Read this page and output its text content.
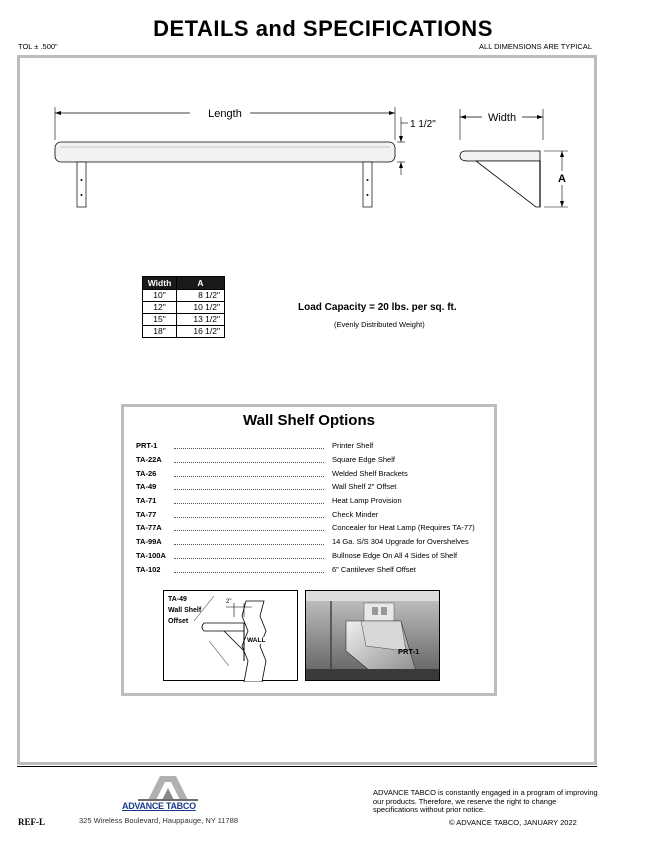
DETAILS and SPECIFICATIONS
TOL ± .500"	ALL DIMENSIONS ARE TYPICAL
Length
1 1/2"
Width
A
Width	A
10"	8 1/2"
12"	10 1/2"
15"	13 1/2"
18"	16 1/2"
Load Capacity = 20 lbs. per sq. ft.
(Evenly Distributed Weight)
Wall Shelf Options
PRT-1	Printer Shelf
TA-22A	Square Edge Shelf
TA-26	Welded Shelf Brackets
TA-49	Wall Shelf 2" Offset
TA-71	Heat Lamp Provision
TA-77	Check Minder
TA-77A	Concealer for Heat Lamp (Requires TA-77)
TA-99A	14 Ga. S/S 304 Upgrade for Overshelves
TA-100A	Bullnose Edge On All 4 Sides of Shelf
TA-102	6" Cantilever Shelf Offset
TA-49
Wall Shelf
Offset
2"
WALL
PRT-1
ADVANCE TABCO
325 Wireless Boulevard, Hauppauge, NY 11788
REF-L
ADVANCE TABCO is constantly engaged in a program of improving our products. Therefore, we reserve the right to change specifications without prior notice.
© ADVANCE TABCO, JANUARY 2022
